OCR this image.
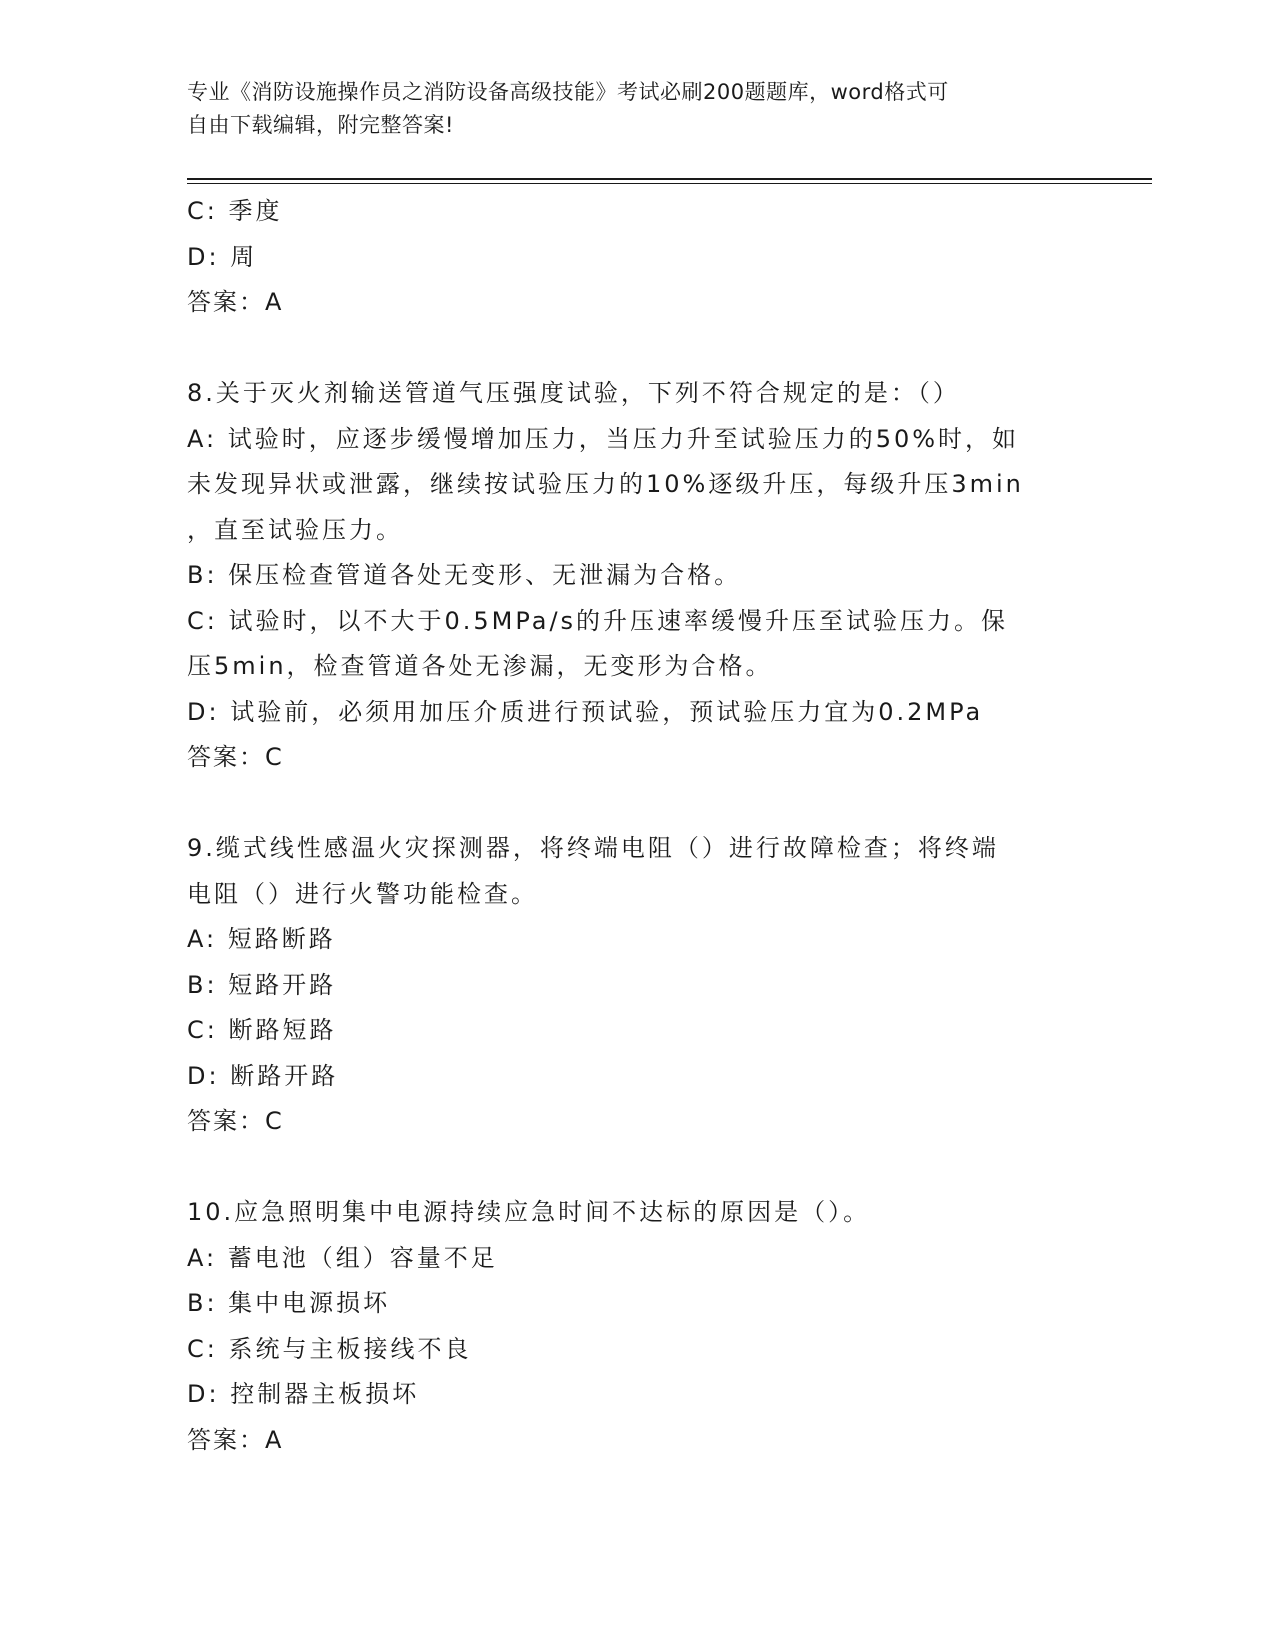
专业《消防设施操作员之消防设备高级技能》考试必刷200题题库，word格式可
自由下载编辑，附完整答案!
C: 季度
D: 周
答案：A
8.关于灭火剂输送管道气压强度试验，下列不符合规定的是：（）
A: 试验时，应逐步缓慢增加压力，当压力升至试验压力的50%时，如
未发现异状或泄露，继续按试验压力的10%逐级升压，每级升压3min
，直至试验压力。
B: 保压检查管道各处无变形、无泄漏为合格。
C: 试验时，以不大于0.5MPa/s的升压速率缓慢升压至试验压力。保
压5min，检查管道各处无渗漏，无变形为合格。
D: 试验前，必须用加压介质进行预试验，预试验压力宜为0.2MPa
答案：C
9.缆式线性感温火灾探测器，将终端电阻（）进行故障检查；将终端
电阻（）进行火警功能检查。
A: 短路断路
B: 短路开路
C: 断路短路
D: 断路开路
答案：C
10.应急照明集中电源持续应急时间不达标的原因是（）。
A: 蓄电池（组）容量不足
B: 集中电源损坏
C: 系统与主板接线不良
D: 控制器主板损坏
答案：A
